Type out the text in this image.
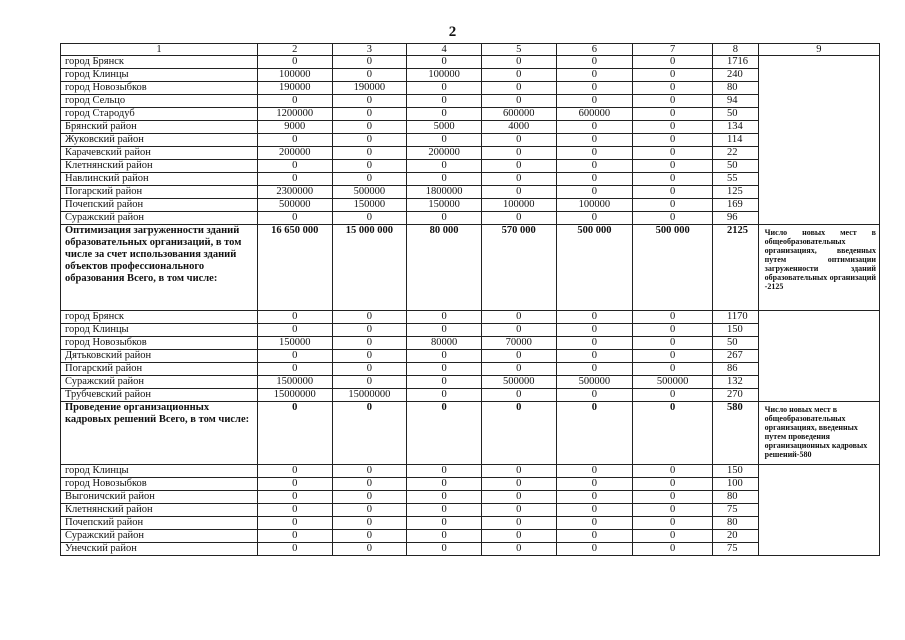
2
1	2	3	4	5	6	7	8	9
город Брянск	0	0	0	0	0	0	1716	
город Клинцы	100000	0	100000	0	0	0	240	
город Новозыбков	190000	190000	0	0	0	0	80	
город Сельцо	0	0	0	0	0	0	94	
город Стародуб	1200000	0	0	600000	600000	0	50	
Брянский район	9000	0	5000	4000	0	0	134	
Жуковский район	0	0	0	0	0	0	114	
Карачевский район	200000	0	200000	0	0	0	22	
Клетнянский район	0	0	0	0	0	0	50	
Навлинский район	0	0	0	0	0	0	55	
Погарский район	2300000	500000	1800000	0	0	0	125	
Почепский район	500000	150000	150000	100000	100000	0	169	
Суражский район	0	0	0	0	0	0	96	
Оптимизация загруженности зданий образовательных организаций, в том числе за счет использования зданий объектов профессионального образования Всего, в том числе:	16 650 000	15 000 000	80 000	570 000	500 000	500 000	2125	Число новых мест в общеобразовательных организациях, введенных путем оптимизации загруженности зданий образовательных организаций -2125
город Брянск	0	0	0	0	0	0	1170	
город Клинцы	0	0	0	0	0	0	150	
город Новозыбков	150000	0	80000	70000	0	0	50	
Дятьковский район	0	0	0	0	0	0	267	
Погарский район	0	0	0	0	0	0	86	
Суражский район	1500000	0	0	500000	500000	500000	132	
Трубчевский район	15000000	15000000	0	0	0	0	270	
Проведение организационных кадровых решений Всего, в том числе:	0	0	0	0	0	0	580	Число новых мест в общеобразовательных организациях, введенных путем проведения организационных кадровых решений-580
город Клинцы	0	0	0	0	0	0	150	
город Новозыбков	0	0	0	0	0	0	100	
Выгоничский район	0	0	0	0	0	0	80	
Клетнянский район	0	0	0	0	0	0	75	
Почепский район	0	0	0	0	0	0	80	
Суражский район	0	0	0	0	0	0	20	
Унечский район	0	0	0	0	0	0	75	
